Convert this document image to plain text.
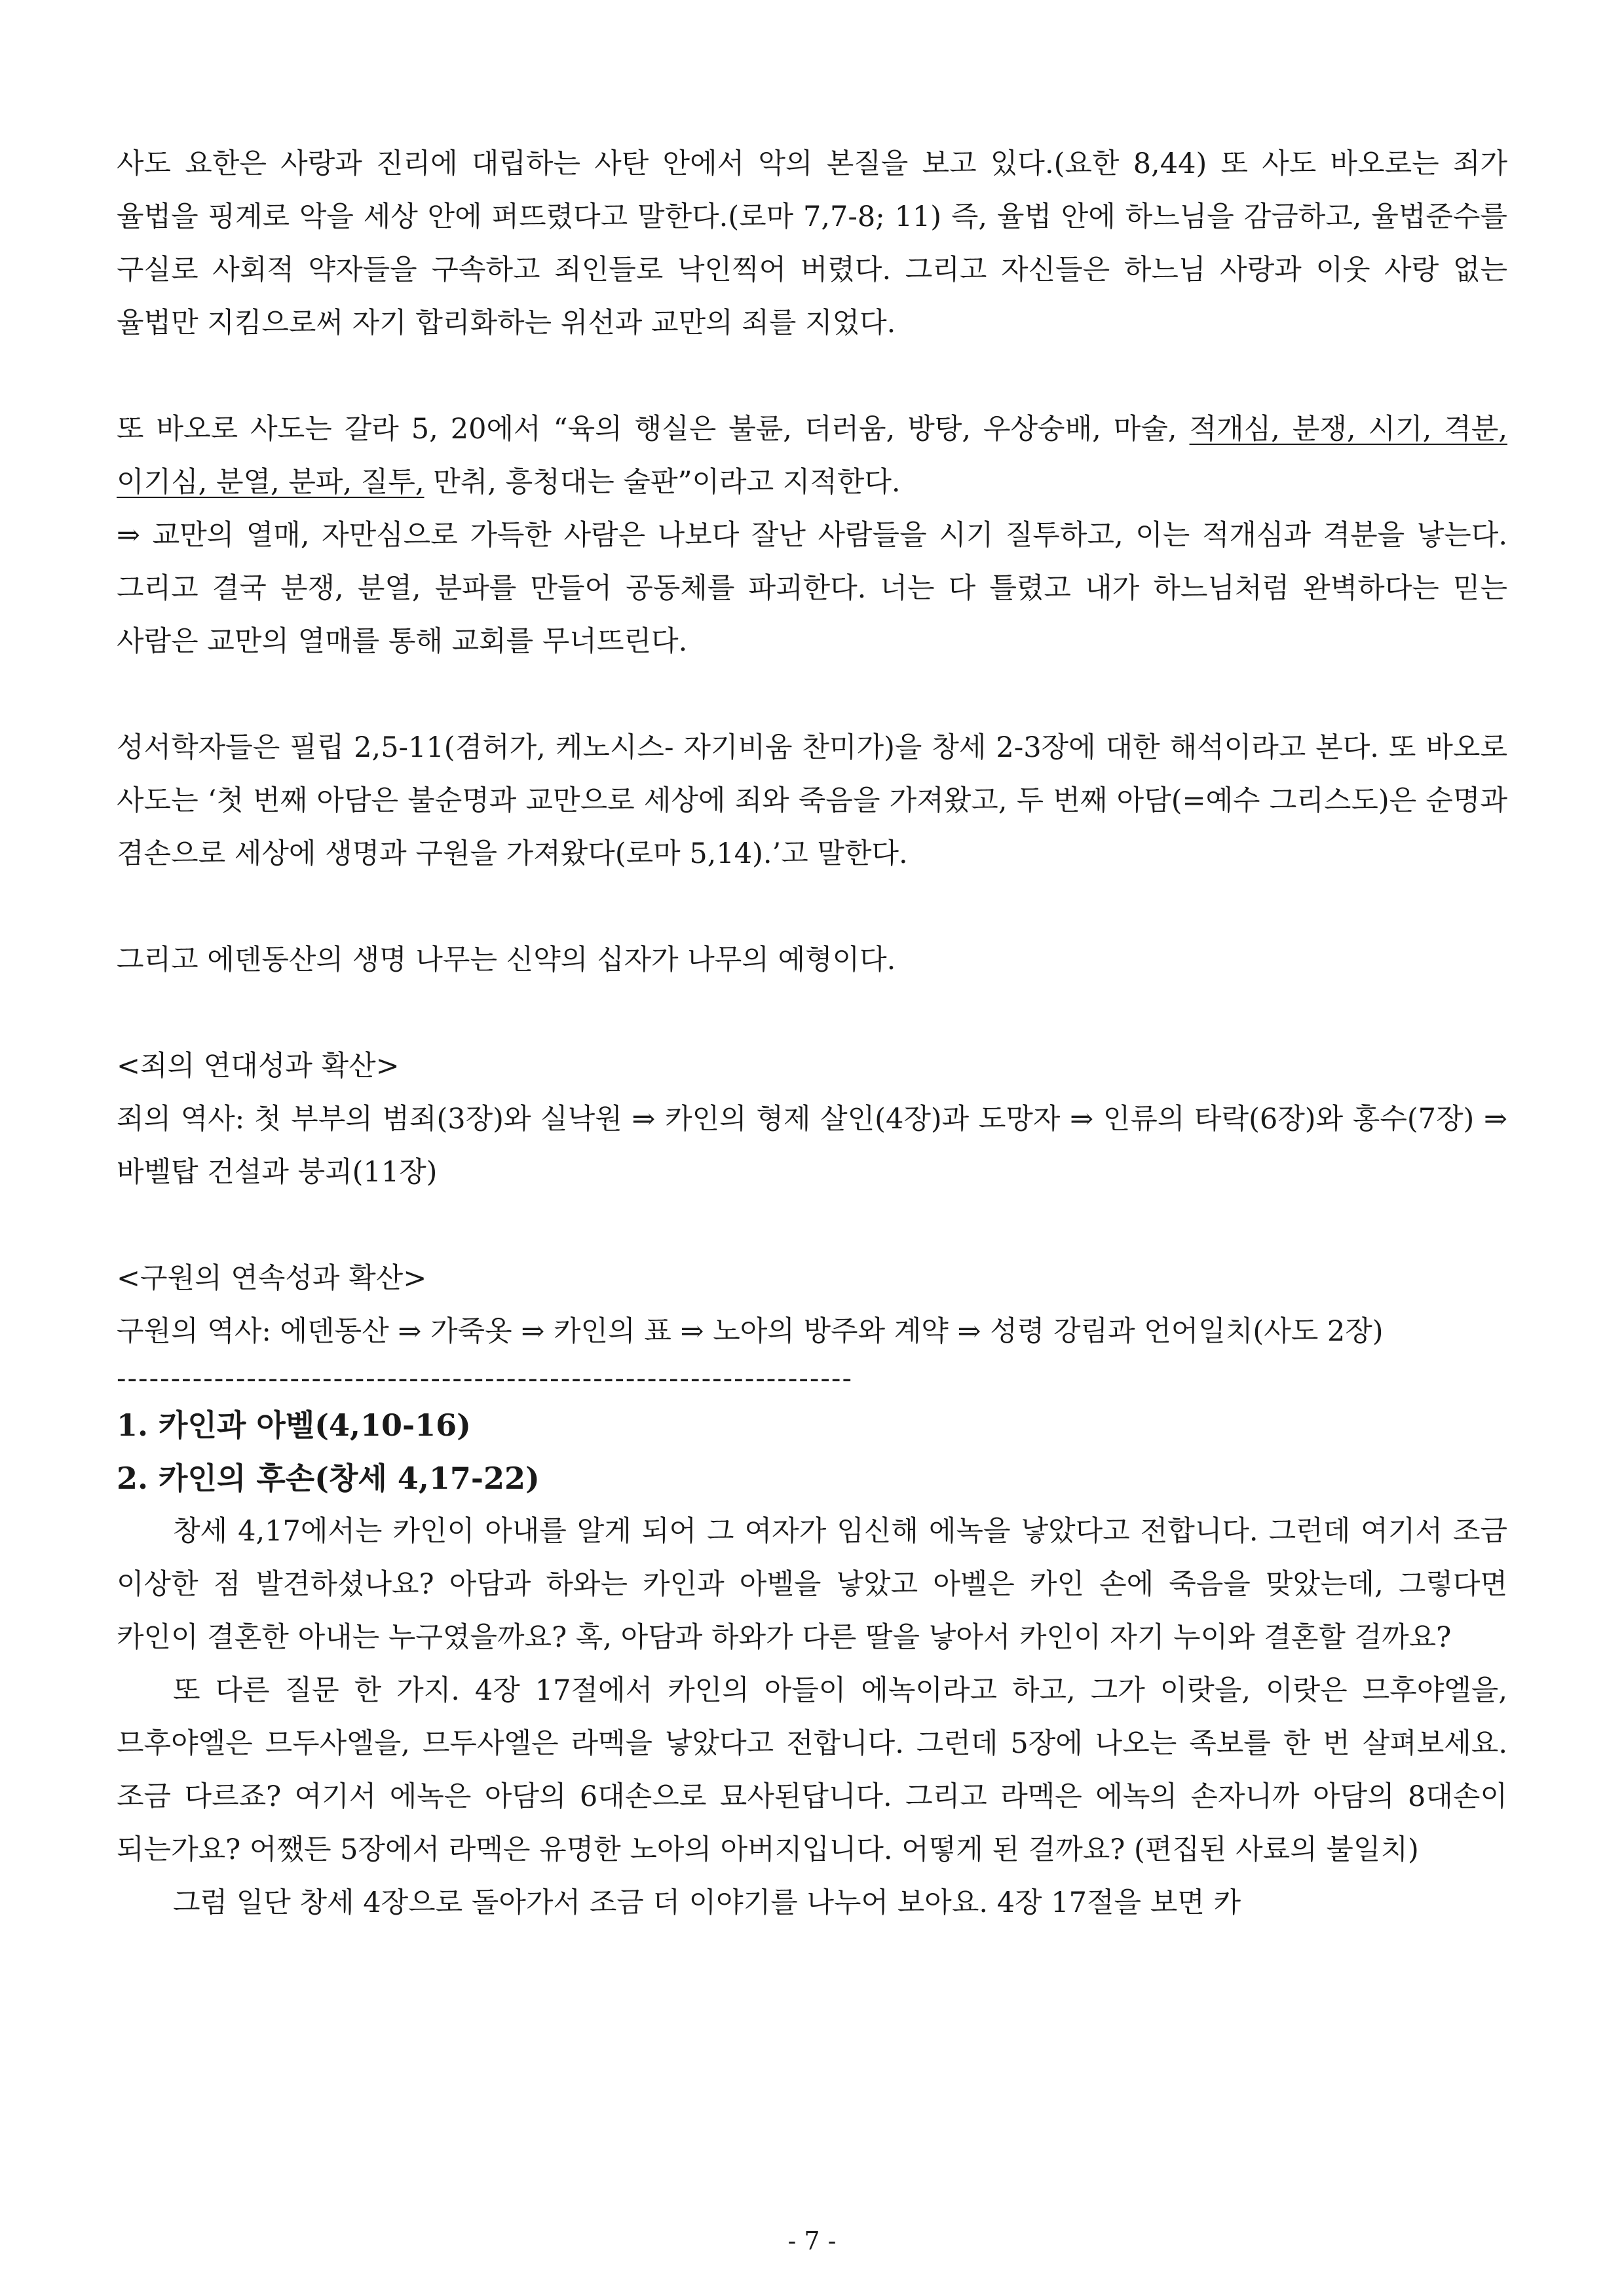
사도 요한은 사랑과 진리에 대립하는 사탄 안에서 악의 본질을 보고 있다.(요한 8,44) 또 사도 바오로는 죄가 율법을 핑계로 악을 세상 안에 퍼뜨렸다고 말한다.(로마 7,7-8; 11) 즉, 율법 안에 하느님을 감금하고, 율법준수를 구실로 사회적 약자들을 구속하고 죄인들로 낙인찍어 버렸다. 그리고 자신들은 하느님 사랑과 이웃 사랑 없는 율법만 지킴으로써 자기 합리화하는 위선과 교만의 죄를 지었다.

또 바오로 사도는 갈라 5, 20에서 “육의 행실은 불륜, 더러움, 방탕, 우상숭배, 마술, 적개심, 분쟁, 시기, 격분, 이기심, 분열, 분파, 질투, 만취, 흥청대는 술판”이라고 지적한다.

⇒ 교만의 열매, 자만심으로 가득한 사람은 나보다 잘난 사람들을 시기 질투하고, 이는 적개심과 격분을 낳는다. 그리고 결국 분쟁, 분열, 분파를 만들어 공동체를 파괴한다. 너는 다 틀렸고 내가 하느님처럼 완벽하다는 믿는 사람은 교만의 열매를 통해 교회를 무너뜨린다.

성서학자들은 필립 2,5-11(겸허가, 케노시스- 자기비움 찬미가)을 창세 2-3장에 대한 해석이라고 본다. 또 바오로 사도는 ‘첫 번째 아담은 불순명과 교만으로 세상에 죄와 죽음을 가져왔고, 두 번째 아담(=예수 그리스도)은 순명과 겸손으로 세상에 생명과 구원을 가져왔다(로마 5,14).’고 말한다.

그리고 에덴동산의 생명 나무는 신약의 십자가 나무의 예형이다.

<죄의 연대성과 확산>

죄의 역사: 첫 부부의 범죄(3장)와 실낙원 ⇒ 카인의 형제 살인(4장)과 도망자 ⇒ 인류의 타락(6장)와 홍수(7장) ⇒ 바벨탑 건설과 붕괴(11장)

<구원의 연속성과 확산>

구원의 역사: 에덴동산 ⇒ 가죽옷 ⇒ 카인의 표 ⇒ 노아의 방주와 계약 ⇒ 성령 강림과 언어일치(사도 2장)

--------------------------------------------------------------------

1. 카인과 아벨(4,10-16)

2. 카인의 후손(창세 4,17-22)

창세 4,17에서는 카인이 아내를 알게 되어 그 여자가 임신해 에녹을 낳았다고 전합니다. 그런데 여기서 조금 이상한 점 발견하셨나요? 아담과 하와는 카인과 아벨을 낳았고 아벨은 카인 손에 죽음을 맞았는데, 그렇다면 카인이 결혼한 아내는 누구였을까요? 혹, 아담과 하와가 다른 딸을 낳아서 카인이 자기 누이와 결혼할 걸까요?

또 다른 질문 한 가지. 4장 17절에서 카인의 아들이 에녹이라고 하고, 그가 이랏을, 이랏은 므후야엘을, 므후야엘은 므두사엘을, 므두사엘은 라멕을 낳았다고 전합니다. 그런데 5장에 나오는 족보를 한 번 살펴보세요. 조금 다르죠? 여기서 에녹은 아담의 6대손으로 묘사된답니다. 그리고 라멕은 에녹의 손자니까 아담의 8대손이 되는가요? 어쨌든 5장에서 라멕은 유명한 노아의 아버지입니다. 어떻게 된 걸까요? (편집된 사료의 불일치)

그럼 일단 창세 4장으로 돌아가서 조금 더 이야기를 나누어 보아요. 4장 17절을 보면 카

- 7 -
